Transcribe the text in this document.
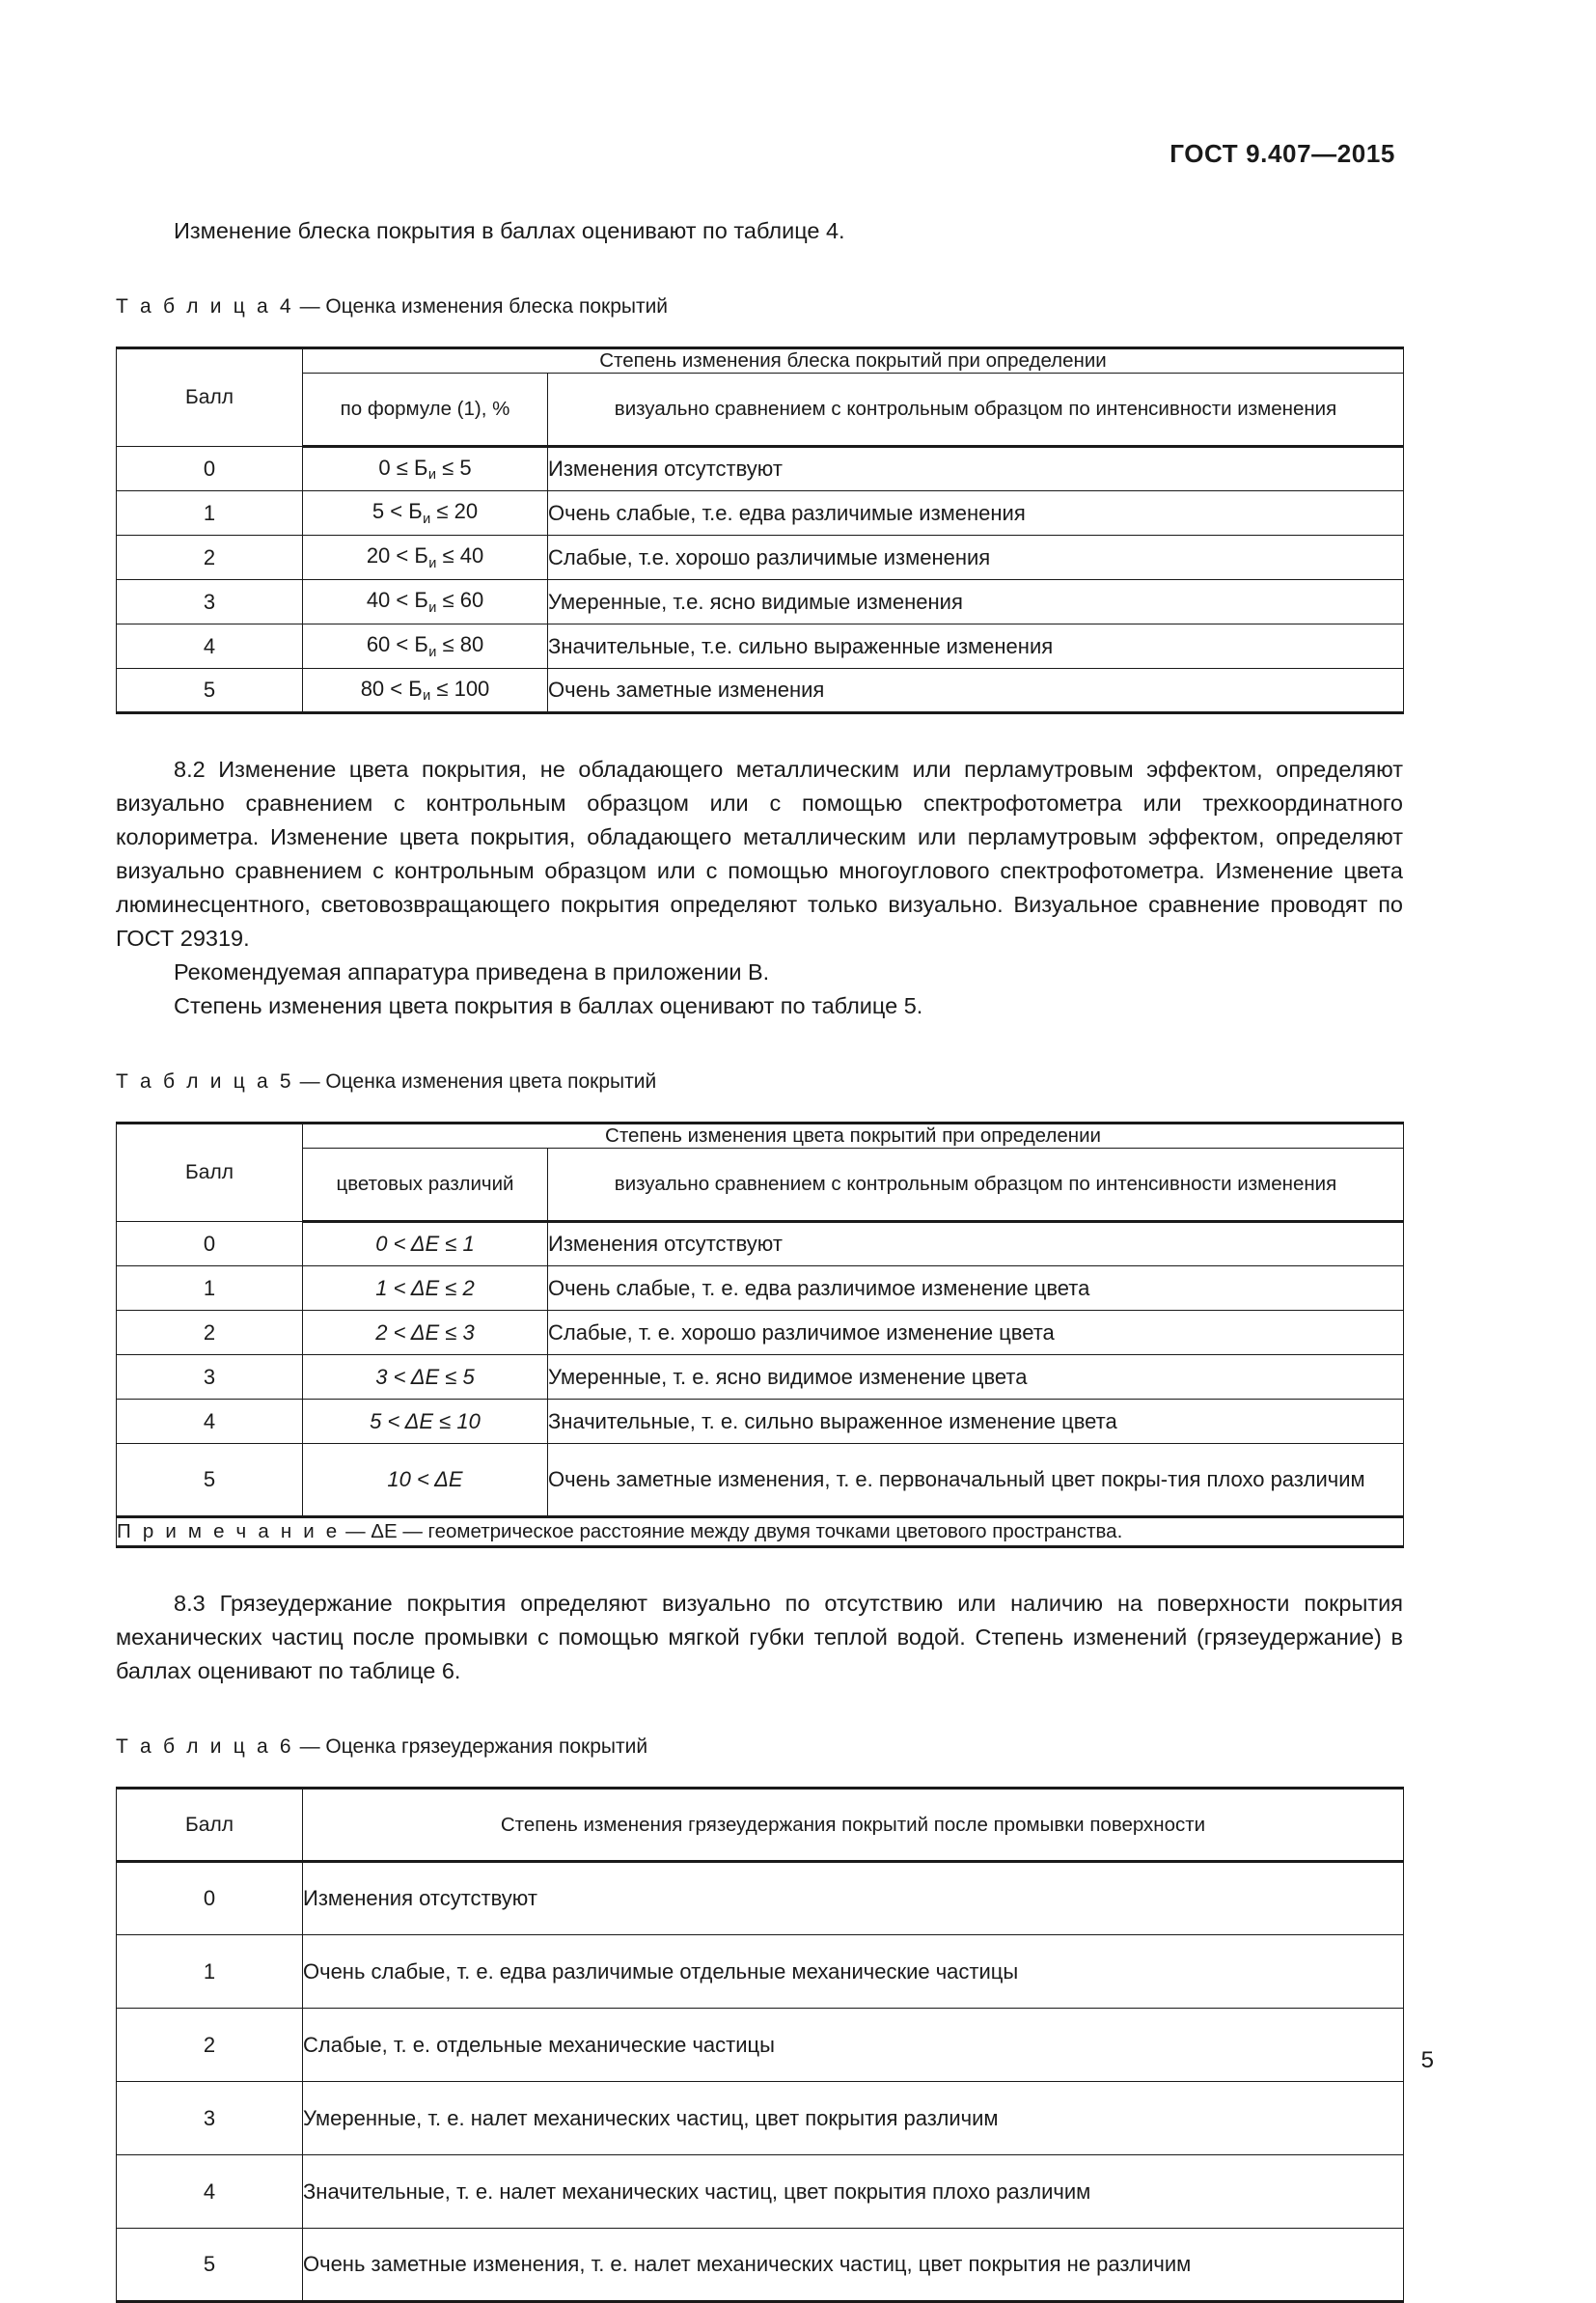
ГОСТ 9.407—2015

Изменение блеска покрытия в баллах оценивают по таблице 4.

Т а б л и ц а 4 — Оценка изменения блеска покрытий

Балл	Степень изменения блеска покрытий при определении	
	по формуле (1), %	визуально сравнением с контрольным образцом по интенсивности изменения
0	$0 \le Б_и \le 5$	Изменения отсутствуют
1	$5 < Б_и \le 20$	Очень слабые, т.е. едва различимые изменения
2	$20 < Б_и \le 40$	Слабые, т.е. хорошо различимые изменения
3	$40 < Б_и \le 60$	Умеренные, т.е. ясно видимые изменения
4	$60 < Б_и \le 80$	Значительные, т.е. сильно выраженные изменения
5	$80 < Б_и \le 100$	Очень заметные изменения

8.2 Изменение цвета покрытия, не обладающего металлическим или перламутровым эффектом, определяют визуально сравнением с контрольным образцом или с помощью спектрофотометра или трехкоординатного колориметра. Изменение цвета покрытия, обладающего металлическим или перламутровым эффектом, определяют визуально сравнением с контрольным образцом или с помощью многоуглового спектрофотометра. Изменение цвета люминесцентного, световозвращающего покрытия определяют только визуально. Визуальное сравнение проводят по ГОСТ 29319.

Рекомендуемая аппаратура приведена в приложении В.

Степень изменения цвета покрытия в баллах оценивают по таблице 5.

Т а б л и ц а 5 — Оценка изменения цвета покрытий

Балл	Степень изменения цвета покрытий при определении	
	цветовых различий	визуально сравнением с контрольным образцом по интенсивности изменения
0	0 < ΔE ≤ 1	Изменения отсутствуют
1	1 < ΔE ≤ 2	Очень слабые, т. е. едва различимое изменение цвета
2	2 < ΔE ≤ 3	Слабые, т. е. хорошо различимое изменение цвета
3	3 < ΔE ≤ 5	Умеренные, т. е. ясно видимое изменение цвета
4	5 < ΔE ≤ 10	Значительные, т. е. сильно выраженное изменение цвета
5	10 < ΔE	Очень заметные изменения, т. е. первоначальный цвет покры-тия плохо различим
П р и м е ч а н и е — ΔE — геометрическое расстояние между двумя точками цветового пространства.		

8.3 Грязеудержание покрытия определяют визуально по отсутствию или наличию на поверхности покрытия механических частиц после промывки с помощью мягкой губки теплой водой. Степень изменений (грязеудержание) в баллах оценивают по таблице 6.

Т а б л и ц а 6 — Оценка грязеудержания покрытий

Балл	Степень изменения грязеудержания покрытий после промывки поверхности
0	Изменения отсутствуют
1	Очень слабые, т. е. едва различимые отдельные механические частицы
2	Слабые, т. е. отдельные механические частицы
3	Умеренные, т. е. налет механических частиц, цвет покрытия различим
4	Значительные, т. е. налет механических частиц, цвет покрытия плохо различим
5	Очень заметные изменения, т. е. налет механических частиц, цвет покрытия не различим
5
